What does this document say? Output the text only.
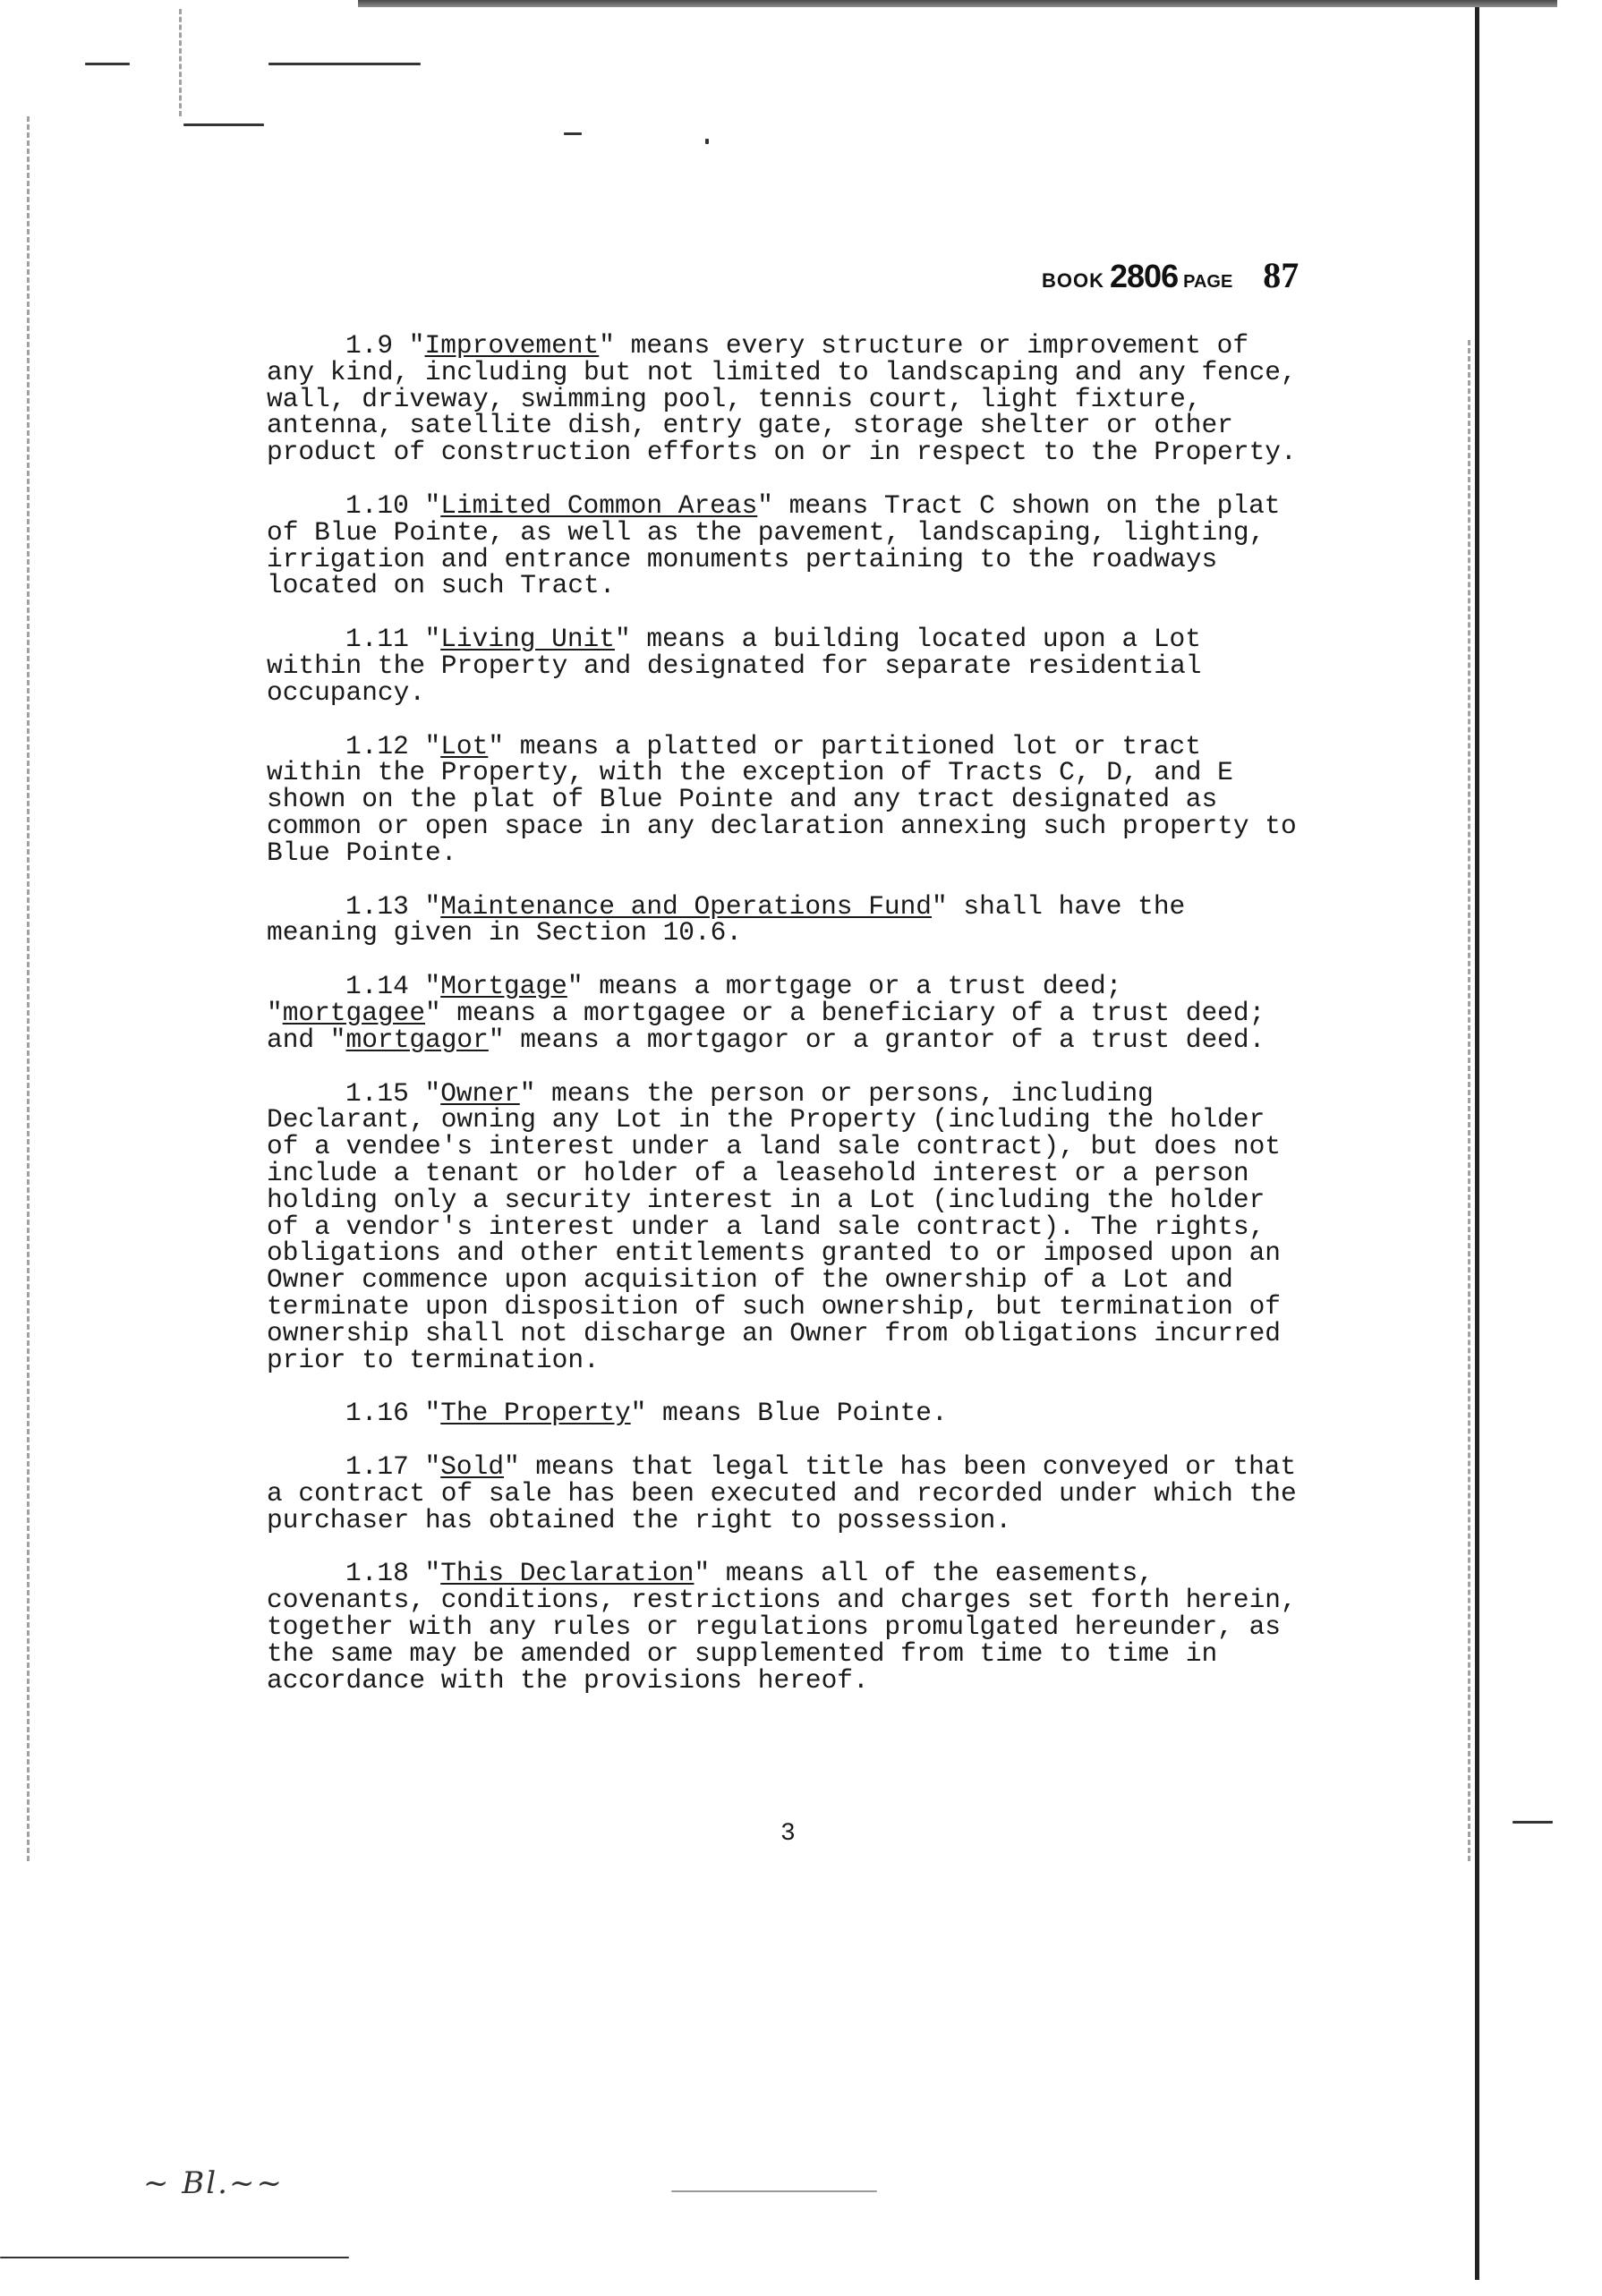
BOOK 2806 PAGE 87
1.9 "Improvement" means every structure or improvement of
any kind, including but not limited to landscaping and any fence,
wall, driveway, swimming pool, tennis court, light fixture,
antenna, satellite dish, entry gate, storage shelter or other
product of construction efforts on or in respect to the Property.
1.10 "Limited Common Areas" means Tract C shown on the plat
of Blue Pointe, as well as the pavement, landscaping, lighting,
irrigation and entrance monuments pertaining to the roadways
located on such Tract.
1.11 "Living Unit" means a building located upon a Lot
within the Property and designated for separate residential
occupancy.
1.12 "Lot" means a platted or partitioned lot or tract
within the Property, with the exception of Tracts C, D, and E
shown on the plat of Blue Pointe and any tract designated as
common or open space in any declaration annexing such property to
Blue Pointe.
1.13 "Maintenance and Operations Fund" shall have the
meaning given in Section 10.6.
1.14 "Mortgage" means a mortgage or a trust deed;
"mortgagee" means a mortgagee or a beneficiary of a trust deed;
and "mortgagor" means a mortgagor or a grantor of a trust deed.
1.15 "Owner" means the person or persons, including
Declarant, owning any Lot in the Property (including the holder
of a vendee's interest under a land sale contract), but does not
include a tenant or holder of a leasehold interest or a person
holding only a security interest in a Lot (including the holder
of a vendor's interest under a land sale contract). The rights,
obligations and other entitlements granted to or imposed upon an
Owner commence upon acquisition of the ownership of a Lot and
terminate upon disposition of such ownership, but termination of
ownership shall not discharge an Owner from obligations incurred
prior to termination.
1.16 "The Property" means Blue Pointe.
1.17 "Sold" means that legal title has been conveyed or that
a contract of sale has been executed and recorded under which the
purchaser has obtained the right to possession.
1.18 "This Declaration" means all of the easements,
covenants, conditions, restrictions and charges set forth herein,
together with any rules or regulations promulgated hereunder, as
the same may be amended or supplemented from time to time in
accordance with the provisions hereof.
3
~ Bl.~~
